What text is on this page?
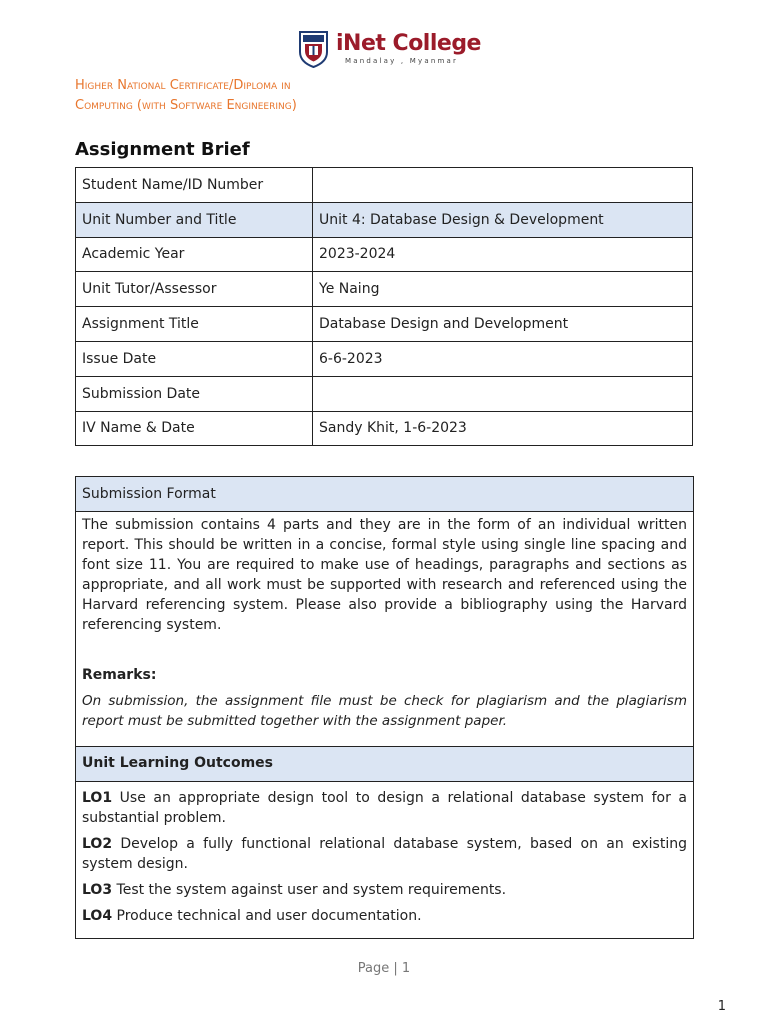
iNet College
Mandalay , Myanmar
Higher National Certificate/Diploma in
Computing (with Software Engineering)
Assignment Brief
Student Name/ID Number	
Unit Number and Title	Unit 4: Database Design & Development
Academic Year	2023-2024
Unit Tutor/Assessor	Ye Naing
Assignment Title	Database Design and Development
Issue Date	6-6-2023
Submission Date	
IV Name & Date	Sandy Khit, 1-6-2023
Submission Format
The submission contains 4 parts and they are in the form of an individual written report. This should be written in a concise, formal style using single line spacing and font size 11. You are required to make use of headings, paragraphs and sections as appropriate, and all work must be supported with research and referenced using the Harvard referencing system. Please also provide a bibliography using the Harvard referencing system.
Remarks:
On submission, the assignment file must be check for plagiarism and the plagiarism report must be submitted together with the assignment paper.
Unit Learning Outcomes
LO1 Use an appropriate design tool to design a relational database system for a substantial problem.
LO2 Develop a fully functional relational database system, based on an existing system design.
LO3 Test the system against user and system requirements.
LO4 Produce technical and user documentation.
Page | 1
1
